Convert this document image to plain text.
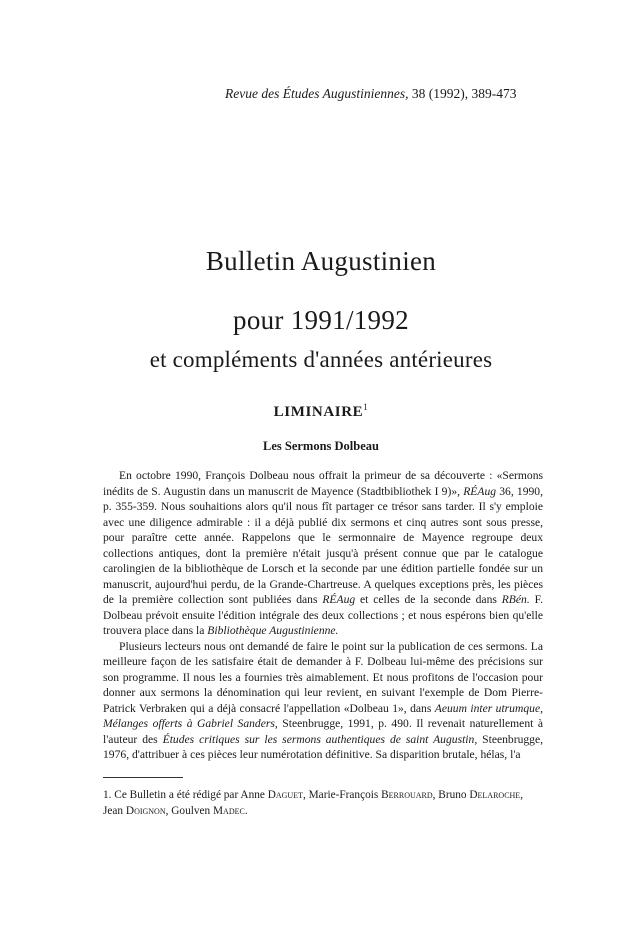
Revue des Études Augustiniennes, 38 (1992), 389-473
Bulletin Augustinien
pour 1991/1992
et compléments d'années antérieures
LIMINAIRE$^1$
Les Sermons Dolbeau

En octobre 1990, François Dolbeau nous offrait la primeur de sa découverte : «Sermons inédits de S. Augustin dans un manuscrit de Mayence (Stadtbibliothek I 9)», RÉAug 36, 1990, p. 355-359. Nous souhaitions alors qu'il nous fît partager ce trésor sans tarder. Il s'y emploie avec une diligence admirable : il a déjà publié dix sermons et cinq autres sont sous presse, pour paraître cette année. Rappelons que le sermonnaire de Mayence regroupe deux collections antiques, dont la première n'était jusqu'à présent connue que par le catalogue carolingien de la bibliothèque de Lorsch et la seconde par une édition partielle fondée sur un manuscrit, aujourd'hui perdu, de la Grande-Chartreuse. A quelques exceptions près, les pièces de la première collection sont publiées dans RÉAug et celles de la seconde dans RBén. F. Dolbeau prévoit ensuite l'édition intégrale des deux collections ; et nous espérons bien qu'elle trouvera place dans la Bibliothèque Augustinienne.

Plusieurs lecteurs nous ont demandé de faire le point sur la publication de ces sermons. La meilleure façon de les satisfaire était de demander à F. Dolbeau lui-même des précisions sur son programme. Il nous les a fournies très aimablement. Et nous profitons de l'occasion pour donner aux sermons la dénomination qui leur revient, en suivant l'exemple de Dom Pierre-Patrick Verbraken qui a déjà consacré l'appellation «Dolbeau 1», dans Aeuum inter utrumque, Mélanges offerts à Gabriel Sanders, Steenbrugge, 1991, p. 490. Il revenait naturellement à l'auteur des Études critiques sur les sermons authentiques de saint Augustin, Steenbrugge, 1976, d'attribuer à ces pièces leur numérotation définitive. Sa disparition brutale, hélas, l'a

1. Ce Bulletin a été rédigé par Anne Daguet, Marie-François Berrouard, Bruno Delaroche, Jean Doignon, Goulven Madec.
